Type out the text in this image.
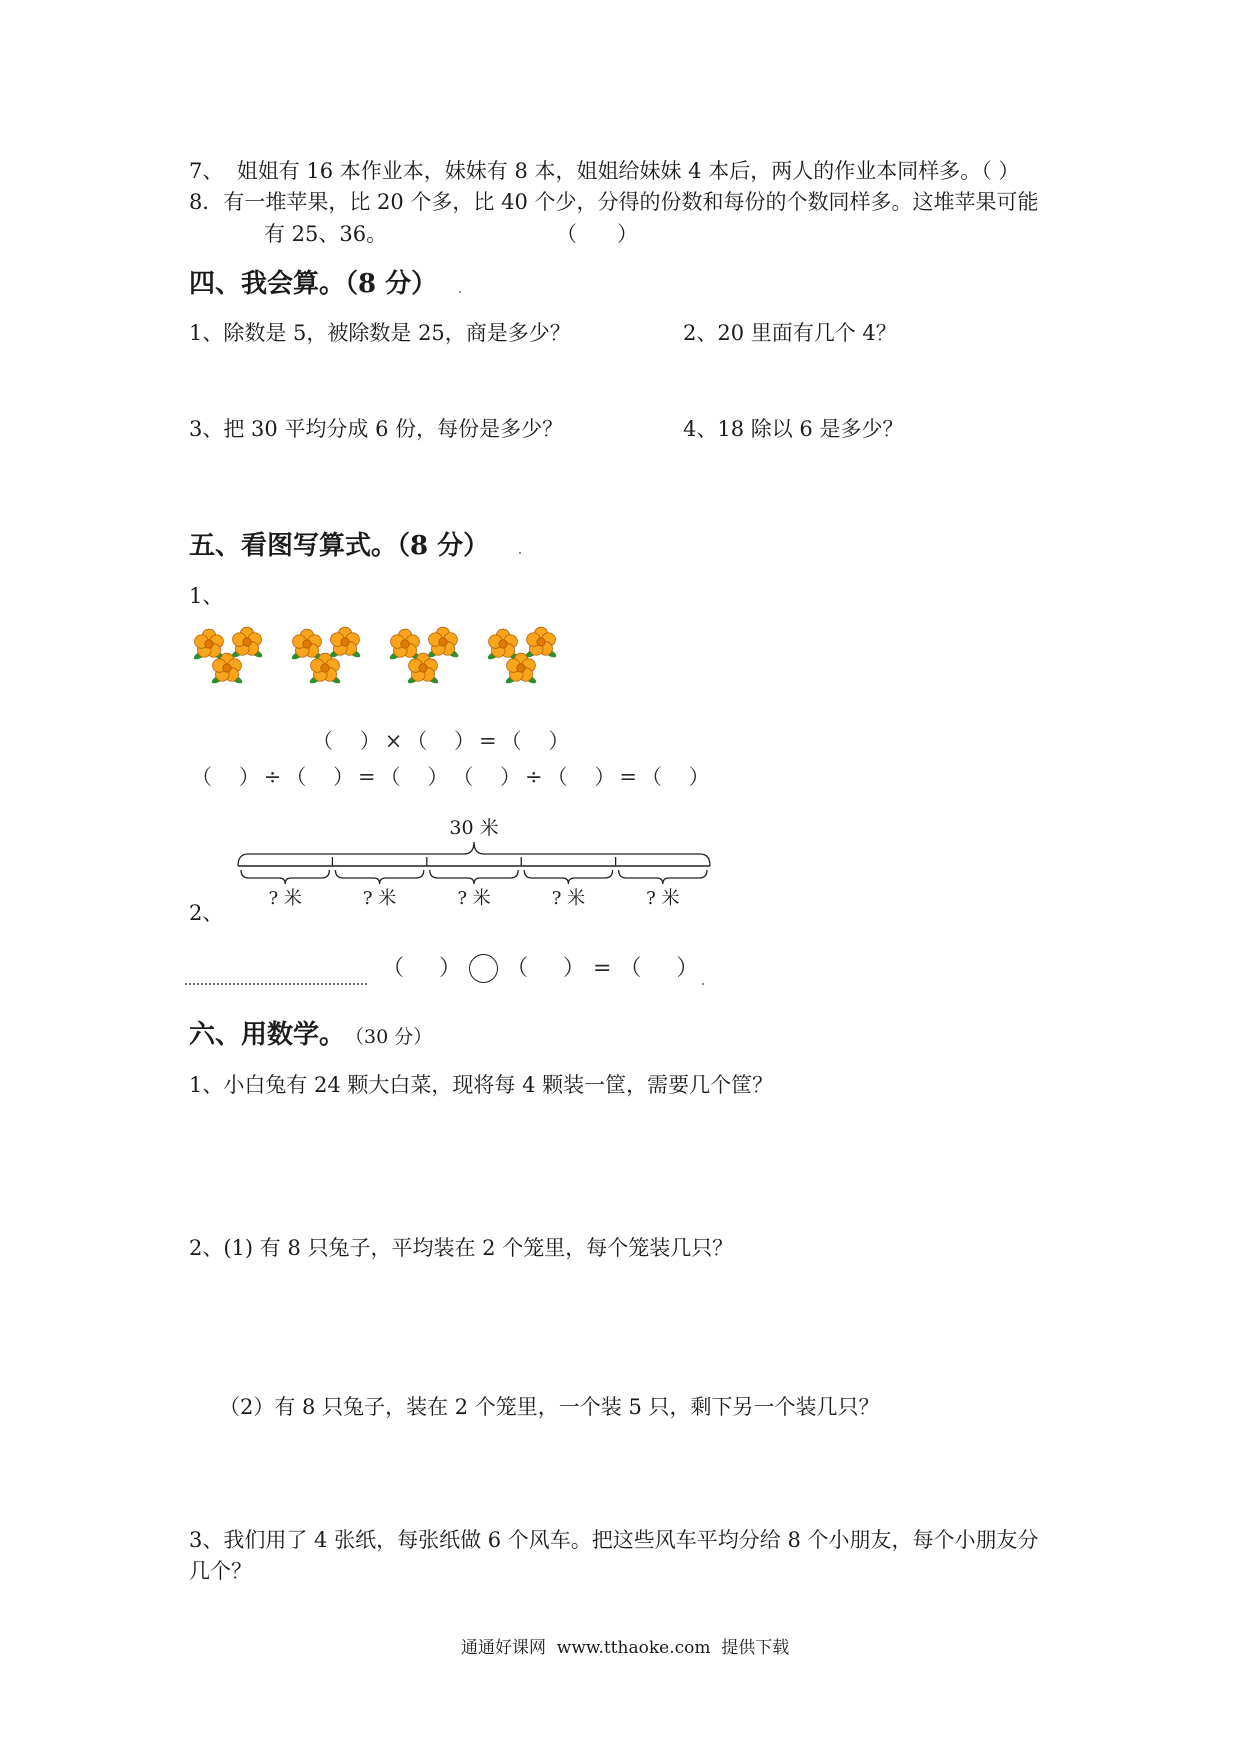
7、  姐姐有 16 本作业本，妹妹有 8 本，姐姐给妹妹 4 本后，两人的作业本同样多。（ ）
8．有一堆苹果，比 20 个多，比 40 个少，分得的份数和每份的个数同样多。这堆苹果可能
有 25、36。	（      ）
四、我会算。（8 分）
1、除数是 5，被除数是 25，商是多少？	2、20 里面有几个 4？
3、把 30 平均分成 6 份，每份是多少？	4、18 除以 6 是多少？
五、看图写算式。（8 分）
1、
（    ） × （    ） = （    ）
（    ） ÷ （    ） = （    ） （    ） ÷ （    ） = （    ）
30 米
? 米	? 米	? 米	? 米	? 米
2、
（     ） （     ） = （     ）
六、用数学。 （30 分）
1、小白兔有 24 颗大白菜，现将每 4 颗装一筐，需要几个筐？
2、(1) 有 8 只兔子，平均装在 2 个笼里，每个笼装几只？
（2）有 8 只兔子，装在 2 个笼里，一个装 5 只，剩下另一个装几只？
3、我们用了 4 张纸，每张纸做 6 个风车。把这些风车平均分给 8 个小朋友，每个小朋友分
几个？
通通好课网  www.tthaoke.com  提供下载
